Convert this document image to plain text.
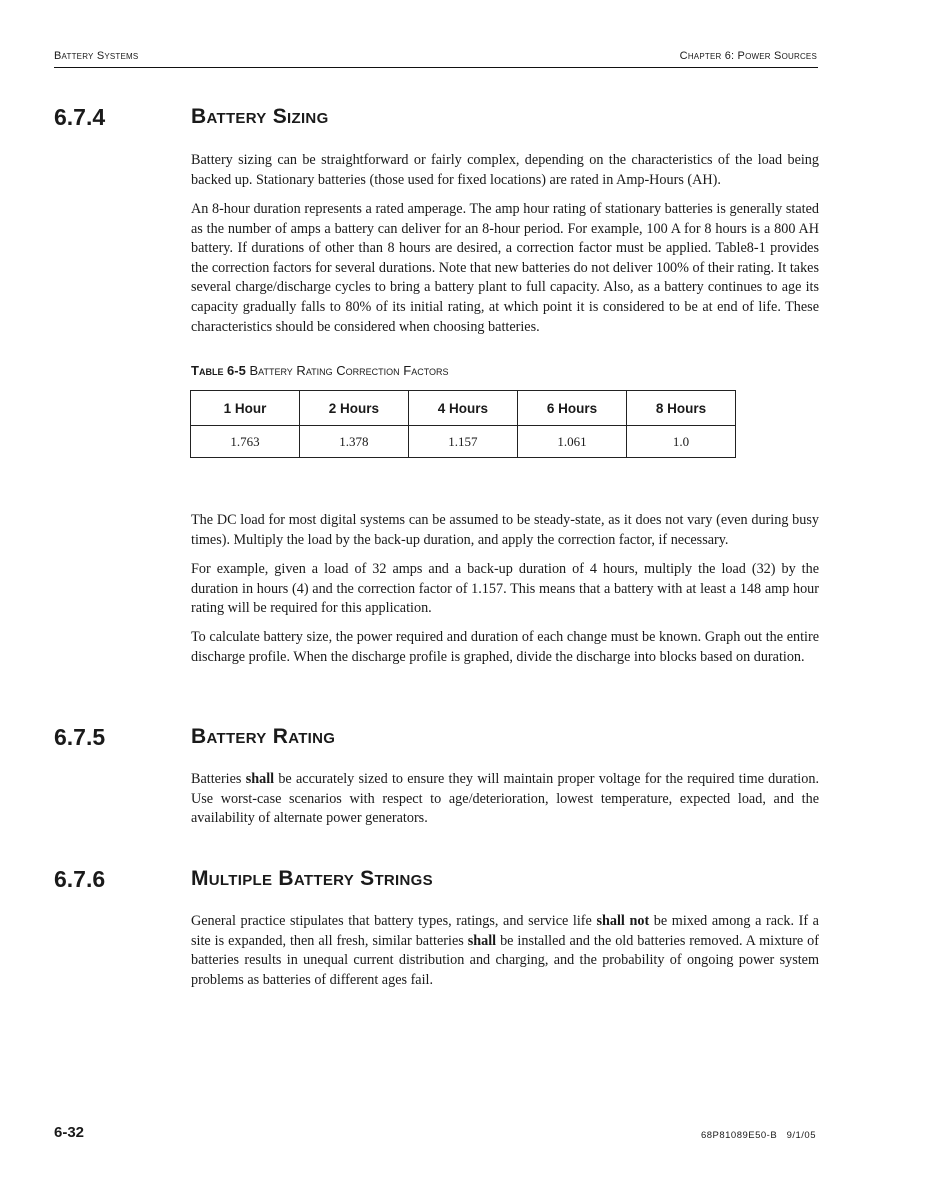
Battery Systems	Chapter 6: Power Sources
6.7.4	Battery Sizing

Battery sizing can be straightforward or fairly complex, depending on the characteristics of the load being backed up. Stationary batteries (those used for fixed locations) are rated in Amp-Hours (AH).

An 8-hour duration represents a rated amperage. The amp hour rating of stationary batteries is generally stated as the number of amps a battery can deliver for an 8-hour period. For example, 100 A for 8 hours is a 800 AH battery. If durations of other than 8 hours are desired, a correction factor must be applied. Table8-1 provides the correction factors for several durations. Note that new batteries do not deliver 100% of their rating. It takes several charge/discharge cycles to bring a battery plant to full capacity. Also, as a battery continues to age its capacity gradually falls to 80% of its initial rating, at which point it is considered to be at end of life. These characteristics should be considered when choosing batteries.

Table 6-5 Battery Rating Correction Factors
1 Hour	2 Hours	4 Hours	6 Hours	8 Hours
1.763	1.378	1.157	1.061	1.0

The DC load for most digital systems can be assumed to be steady-state, as it does not vary (even during busy times). Multiply the load by the back-up duration, and apply the correction factor, if necessary.

For example, given a load of 32 amps and a back-up duration of 4 hours, multiply the load (32) by the duration in hours (4) and the correction factor of 1.157. This means that a battery with at least a 148 amp hour rating will be required for this application.

To calculate battery size, the power required and duration of each change must be known. Graph out the entire discharge profile. When the discharge profile is graphed, divide the discharge into blocks based on duration.

6.7.5	Battery Rating

Batteries shall be accurately sized to ensure they will maintain proper voltage for the required time duration. Use worst-case scenarios with respect to age/deterioration, lowest temperature, expected load, and the availability of alternate power generators.

6.7.6	Multiple Battery Strings

General practice stipulates that battery types, ratings, and service life shall not be mixed among a rack. If a site is expanded, then all fresh, similar batteries shall be installed and the old batteries removed. A mixture of batteries results in unequal current distribution and charging, and the probability of ongoing power system problems as batteries of different ages fail.

6-32	68P81089E50-B   9/1/05
